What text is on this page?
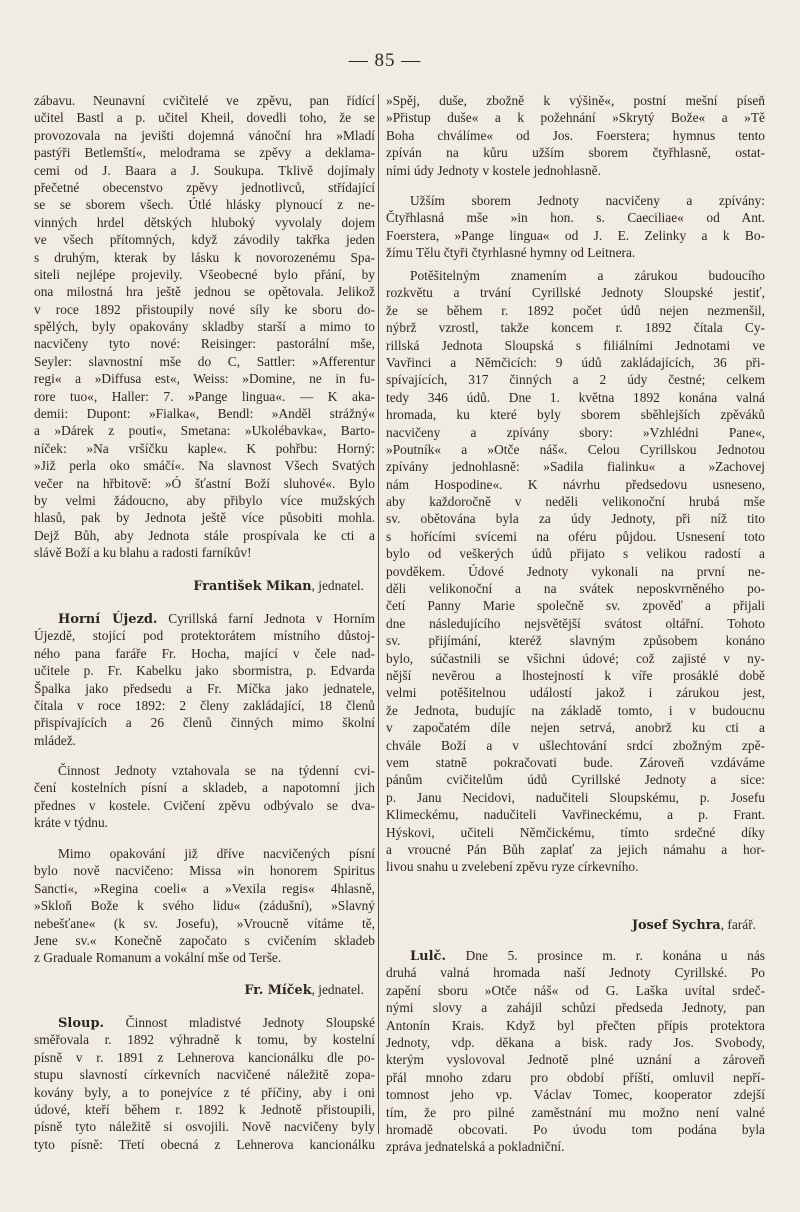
— 85 —
zábavu. Neunavní cvičitelé ve zpěvu, pan řídící
učitel Bastl a p. učitel Kheil, dovedli toho, že se
provozovala na jevišti dojemná vánoční hra »Mladí
pastýři Betlemští«, melodrama se zpěvy a deklama-
cemi od J. Baara a J. Soukupa. Tklivě dojímaly
přečetné obecenstvo zpěvy jednotlivců, střídající
se se sborem všech. Útlé hlásky plynoucí z ne-
vinných hrdel dětských hluboký vyvolaly dojem
ve všech přítomných, když závodily takřka jeden
s druhým, kterak by lásku k novorozenému Spa-
siteli nejlépe projevily. Všeobecné bylo přání, by
ona milostná hra ještě jednou se opětovala. Jelikož
v roce 1892 přistoupily nové síly ke sboru do-
spělých, byly opakovány skladby starší a mimo to
nacvičeny tyto nové: Reisinger: pastorální mše,
Seyler: slavnostní mše do C, Sattler: »Afferentur
regi« a »Diffusa est«, Weiss: »Domine, ne in fu-
rore tuo«, Haller: 7. »Pange lingua«. — K aka-
demii: Dupont: »Fialka«, Bendl: »Anděl strážný«
a »Dárek z pouti«, Smetana: »Ukolébavka«, Barto-
níček: »Na vršíčku kaple«. K pohřbu: Horný:
»Již perla oko smáčí«. Na slavnost Všech Svatých
večer na hřbitově: »Ó šťastní Boží sluhové«. Bylo
by velmi žádoucno, aby přibylo více mužských
hlasů, pak by Jednota ještě více působiti mohla.
Dejž Bůh, aby Jednota stále prospívala ke cti a
slávě Boží a ku blahu a radosti farníkův!
František Mikan, jednatel.
Horní Újezd. Cyrillská farní Jednota v Horním
Újezdě, stojící pod protektorátem místního důstoj-
ného pana faráře Fr. Hocha, mající v čele nad-
učitele p. Fr. Kabelku jako sbormistra, p. Edvarda
Špalka jako předsedu a Fr. Míčka jako jednatele,
čítala v roce 1892: 2 členy zakládající, 18 členů
přispívajících a 26 členů činných mimo školní
mládež.
Činnost Jednoty vztahovala se na týdenní cvi-
čení kostelních písní a skladeb, a napotomní jich
přednes v kostele. Cvičení zpěvu odbývalo se dva-
kráte v týdnu.
Mimo opakování již dříve nacvičených písní
bylo nově nacvičeno: Missa »in honorem Spiritus
Sancti«, »Regina coeli« a »Vexila regis« 4hlasně,
»Skloň Bože k svého lidu« (zádušní), »Slavný
nebešťane« (k sv. Josefu), »Vroucně vítáme tě,
Jene sv.« Konečně započato s cvičením skladeb
z Graduale Romanum a vokální mše od Terše.
Fr. Míček, jednatel.
Sloup. Činnost mladistvé Jednoty Sloupské
směřovala r. 1892 výhradně k tomu, by kostelní
písně v r. 1891 z Lehnerova kancionálku dle po-
stupu slavností církevních nacvičené náležitě zopa-
kovány byly, a to ponejvíce z té příčiny, aby i oni
údové, kteří během r. 1892 k Jednotě přistoupili,
písně tyto náležitě si osvojili. Nově nacvičeny byly
tyto písně: Třetí obecná z Lehnerova kancionálku
»Spěj, duše, zbožně k výšině«, postní mešní píseň
»Přistup duše« a k požehnání »Skrytý Bože« a »Tě
Boha chválíme« od Jos. Foerstera; hymnus tento
zpíván na kůru užším sborem čtyřhlasně, ostat-
ními údy Jednoty v kostele jednohlasně.
Užším sborem Jednoty nacvičeny a zpívány:
Čtyřhlasná mše »in hon. s. Caeciliae« od Ant.
Foerstera, »Pange lingua« od J. E. Zelinky a k Bo-
žímu Tělu čtyři čtyrhlasné hymny od Leitnera.
Potěšitelným znamením a zárukou budoucího
rozkvětu a trvání Cyrillské Jednoty Sloupské jestiť,
že se během r. 1892 počet údů nejen nezmenšil,
nýbrž vzrostl, takže koncem r. 1892 čítala Cy-
rillská Jednota Sloupská s filiálními Jednotami ve
Vavřinci a Němčicích: 9 údů zakládajících, 36 při-
spívajících, 317 činných a 2 údy čestné; celkem
tedy 346 údů. Dne 1. května 1892 konána valná
hromada, ku které byly sborem sběhlejších zpěváků
nacvičeny a zpívány sbory: »Vzhlédni Pane«,
»Poutník« a »Otče náš«. Celou Cyrillskou Jednotou
zpívány jednohlasně: »Sadila fialinku« a »Zachovej
nám Hospodine«. K návrhu předsedovu usneseno,
aby každoročně v neděli velikonoční hrubá mše
sv. obětována byla za údy Jednoty, při níž tito
s hořícími svícemi na oféru půjdou. Usnesení toto
bylo od veškerých údů přijato s velikou radostí a
povděkem. Údové Jednoty vykonali na první ne-
děli velikonoční a na svátek neposkvrněného po-
četí Panny Marie společně sv. zpověď a přijali
dne následujícího nejsvětější svátost oltářní. Tohoto
sv. přijímání, kteréž slavným způsobem konáno
bylo, súčastnili se všichni údové; což zajisté v ny-
nější nevěrou a lhostejností k víře prosáklé době
velmi potěšitelnou událostí jakož i zárukou jest,
že Jednota, budujíc na základě tomto, i v budoucnu
v započatém díle nejen setrvá, anobrž ku cti a
chvále Boží a v ušlechtování srdcí zbožným zpě-
vem statně pokračovati bude. Zároveň vzdáváme
pánům cvičitelům údů Cyrillské Jednoty a sice:
p. Janu Necidovi, nadučiteli Sloupskému, p. Josefu
Klimeckému, nadučiteli Vavřineckému, a p. Frant.
Hýskovi, učiteli Němčickému, tímto srdečné díky
a vroucné Pán Bůh zaplať za jejich námahu a hor-
livou snahu u zvelebení zpěvu ryze církevního.
Josef Sychra, farář.
Lulč. Dne 5. prosince m. r. konána u nás
druhá valná hromada naší Jednoty Cyrillské. Po
zapění sboru »Otče náš« od G. Laška uvítal srdeč-
nými slovy a zahájil schůzi předseda Jednoty, pan
Antonín Krais. Když byl přečten přípis protektora
Jednoty, vdp. děkana a bisk. rady Jos. Svobody,
kterým vyslovoval Jednotě plné uznání a zároveň
přál mnoho zdaru pro období příští, omluvil nepří-
tomnost jeho vp. Václav Tomec, kooperator zdejší
tím, že pro pilné zaměstnání mu možno není valné
hromadě obcovati. Po úvodu tom podána byla
zpráva jednatelská a pokladniční.
